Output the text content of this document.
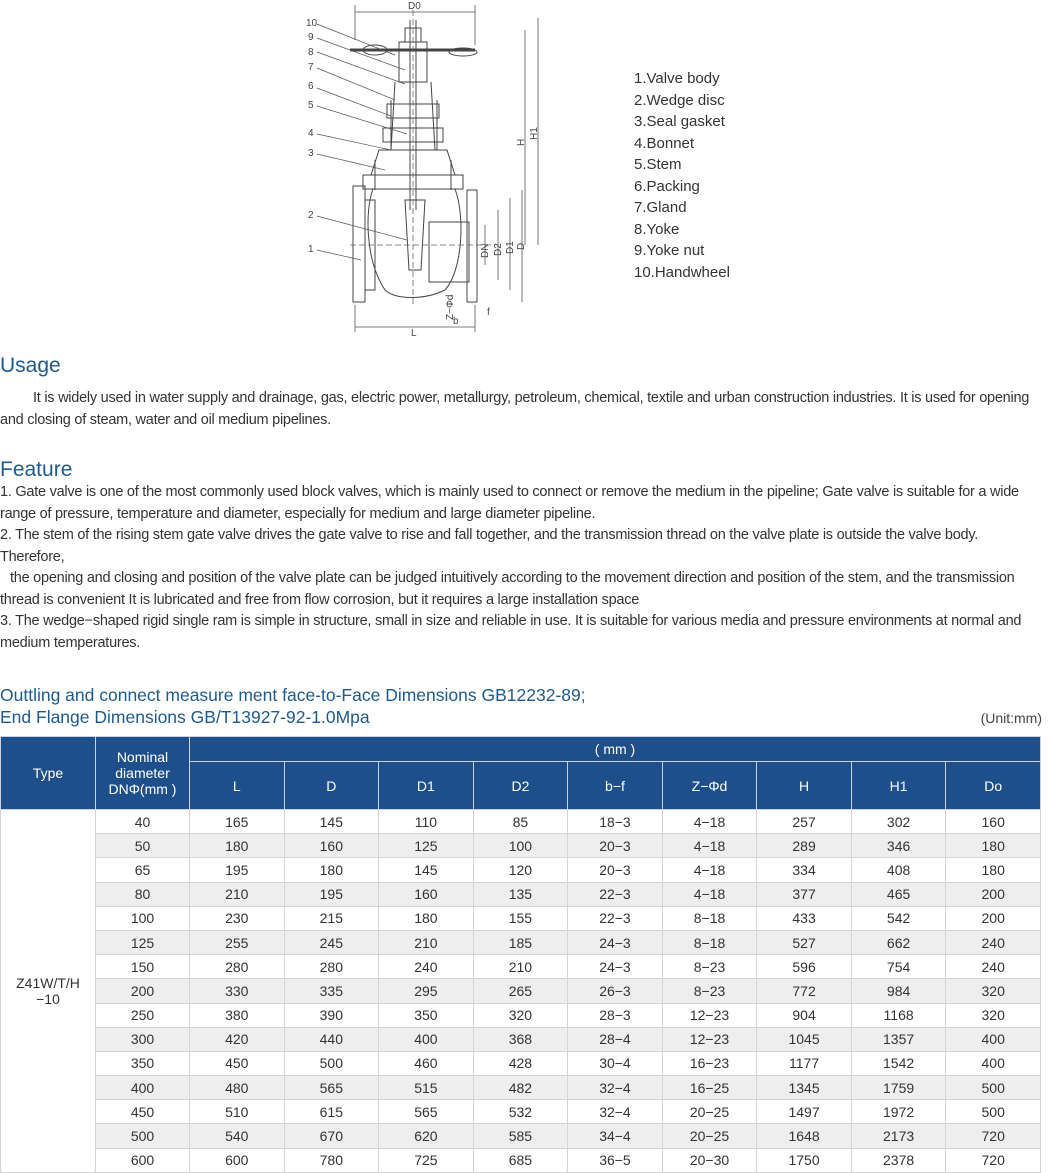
10
9
8
7
6
5
4
3
2
1
D0
H
H1
DN D2 D1 D
Z−Φd	f
b
L
1.Valve body
2.Wedge disc
3.Seal gasket
4.Bonnet
5.Stem
6.Packing
7.Gland
8.Yoke
9.Yoke nut
10.Handwheel
Usage
It is widely used in water supply and drainage, gas, electric power, metallurgy, petroleum, chemical, textile and urban construction industries. It is used for opening and closing of steam, water and oil medium pipelines.
Feature
1. Gate valve is one of the most commonly used block valves, which is mainly used to connect or remove the medium in the pipeline; Gate valve is suitable for a wide range of pressure, temperature and diameter, especially for medium and large diameter pipeline.
2. The stem of the rising stem gate valve drives the gate valve to rise and fall together, and the transmission thread on the valve plate is outside the valve body. Therefore,
the opening and closing and position of the valve plate can be judged intuitively according to the movement direction and position of the stem, and the transmission thread is convenient It is lubricated and free from flow corrosion, but it requires a large installation space
3. The wedge−shaped rigid single ram is simple in structure, small in size and reliable in use. It is suitable for various media and pressure environments at normal and medium temperatures.
Outtling and connect measure ment face-to-Face Dimensions GB12232-89;
End Flange Dimensions GB/T13927-92-1.0Mpa	(Unit:mm)
Type	Nominal diameter DNΦ(mm )	( mm )								
		L	D	D1	D2	b−f	Z−Φd	H	H1	Do
Z41W/T/H −10	40	165	145	110	85	18−3	4−18	257	302	160
	50	180	160	125	100	20−3	4−18	289	346	180
	65	195	180	145	120	20−3	4−18	334	408	180
	80	210	195	160	135	22−3	4−18	377	465	200
	100	230	215	180	155	22−3	8−18	433	542	200
	125	255	245	210	185	24−3	8−18	527	662	240
	150	280	280	240	210	24−3	8−23	596	754	240
	200	330	335	295	265	26−3	8−23	772	984	320
	250	380	390	350	320	28−3	12−23	904	1168	320
	300	420	440	400	368	28−4	12−23	1045	1357	400
	350	450	500	460	428	30−4	16−23	1177	1542	400
	400	480	565	515	482	32−4	16−25	1345	1759	500
	450	510	615	565	532	32−4	20−25	1497	1972	500
	500	540	670	620	585	34−4	20−25	1648	2173	720
	600	600	780	725	685	36−5	20−30	1750	2378	720
